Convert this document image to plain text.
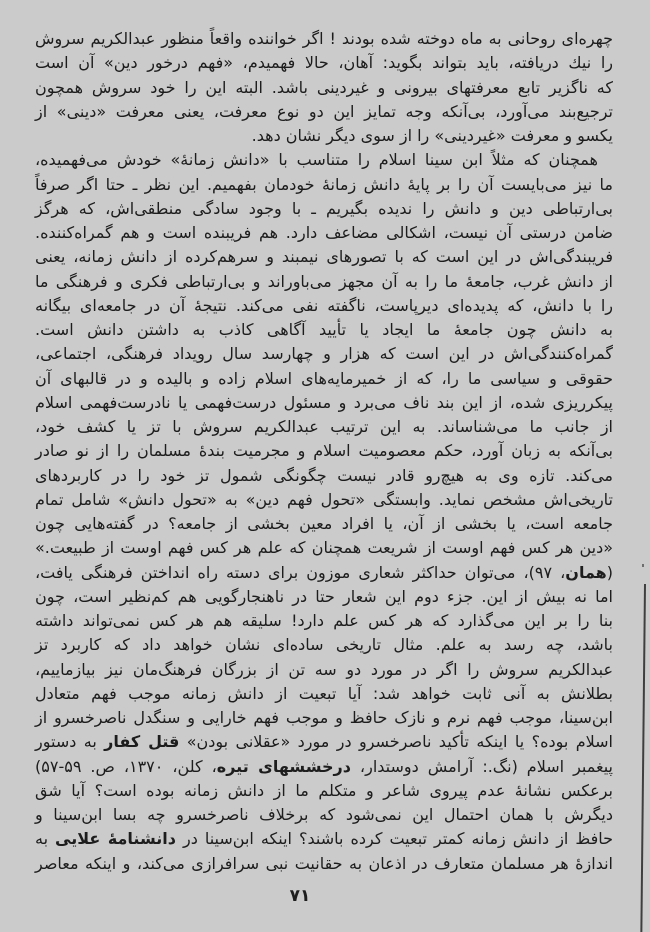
چهره‌ای روحانی به ماه دوخته شده بودند ! اگر خواننده واقعاً منظور عبدالکریم سروش
را نیك دریافته، باید بتواند بگوید: آهان، حالا فهمیدم، «فهم درخور دین» آن است
که ناگزیر تابع معرفتهای بیرونی و غیردینی باشد. البته این را خود سروش همچون
ترجیع‌بند می‌آورد، بی‌آنکه وجه تمایز این دو نوع معرفت، یعنی معرفت «دینی» از
یکسو و معرفت «غیردینی» را از سوی دیگر نشان دهد.
همچنان که مثلاً ابن سینا اسلام را متناسب با «دانش زمانهٔ» خودش می‌فهمیده،
ما نیز می‌بایست آن را بر پایهٔ دانش زمانهٔ خودمان بفهمیم. این نظر ـ حتا اگر صرفاً
بی‌ارتباطی دین و دانش را ندیده بگیریم ـ با وجود سادگی منطقی‌اش، که هرگز
ضامن درستی آن نیست، اشکالی مضاعف دارد. هم فریبنده است و هم گمراه‌کننده.
فریبندگی‌اش در این است که با تصورهای نیمبند و سرهم‌کرده از دانش زمانه، یعنی
از دانش غرب، جامعهٔ ما را به آن مجهز می‌باوراند و بی‌ارتباطی فکری و فرهنگی ما
را با دانش، که پدیده‌ای دیرپاست، ناگفته نفی می‌کند. نتیجهٔ آن در جامعه‌ای بیگانه
به دانش چون جامعهٔ ما ایجاد یا تأیید آگاهی کاذب به داشتن دانش است.
گمراه‌کنندگی‌اش در این است که هزار و چهارسد سال رویداد فرهنگی، اجتماعی،
حقوقی و سیاسی ما را، که از خمیرمایه‌های اسلام زاده و بالیده و در قالبهای آن
پیکرریزی شده، از این بند ناف می‌برد و مسئول درست‌فهمی یا نادرست‌فهمی اسلام
از جانب ما می‌شناساند. به این ترتیب عبدالکریم سروش با تز یا کشف خود،
بی‌آنکه به زبان آورد، حکم معصومیت اسلام و مجرمیت بندهٔ مسلمان را از نو صادر
می‌کند. تازه وی به هیچ‌رو قادر نیست چگونگی شمول تز خود را در کاربردهای
تاریخی‌اش مشخص نماید. وابستگی «تحول فهم دین» به «تحول دانش» شامل تمام
جامعه است، یا بخشی از آن، یا افراد معین بخشی از جامعه؟ در گفته‌هایی چون
«دین هر کس فهم اوست از شریعت همچنان که علم هر کس فهم اوست از طبیعت.»
(همان، ۹۷)، می‌توان حداکثر شعاری موزون برای دسته راه انداختن فرهنگی یافت،
اما نه بیش از این. جزء دوم این شعار حتا در ناهنجارگویی هم کم‌نظیر است، چون
بنا را بر این می‌گذارد که هر کس علم دارد! سلیقه هم هر کس نمی‌تواند داشته
باشد، چه رسد به علم. مثال تاریخی ساده‌ای نشان خواهد داد که کاربرد تز
عبدالکریم سروش را اگر در مورد دو سه تن از بزرگان فرهنگ‌مان نیز بیازماییم،
بطلانش به آنی ثابت خواهد شد: آیا تبعیت از دانش زمانه موجب فهم متعادل
ابن‌سینا، موجب فهم نرم و نازک حافظ و موجب فهم خارایی و سنگدل ناصرخسرو از
اسلام بوده؟ یا اینکه تأکید ناصرخسرو در مورد «عقلانی بودن» قتل کفار به دستور
پیغمبر اسلام (نگ.: آرامش دوستدار، درخششهای تیره، کلن، ۱۳۷۰، ص. ۵۹-۵۷)
برعکس نشانهٔ عدم پیروی شاعر و متکلم ما از دانش زمانه بوده است؟ آیا شق
دیگرش با همان احتمال این نمی‌شود که برخلاف ناصرخسرو چه بسا ابن‌سینا و
حافظ از دانش زمانه کمتر تبعیت کرده باشند؟ اینکه ابن‌سینا در دانشنامهٔ علایی به
اندازهٔ هر مسلمان متعارف در اذعان به حقانیت نبی سرافرازی می‌کند، و اینکه معاصر
۷۱
